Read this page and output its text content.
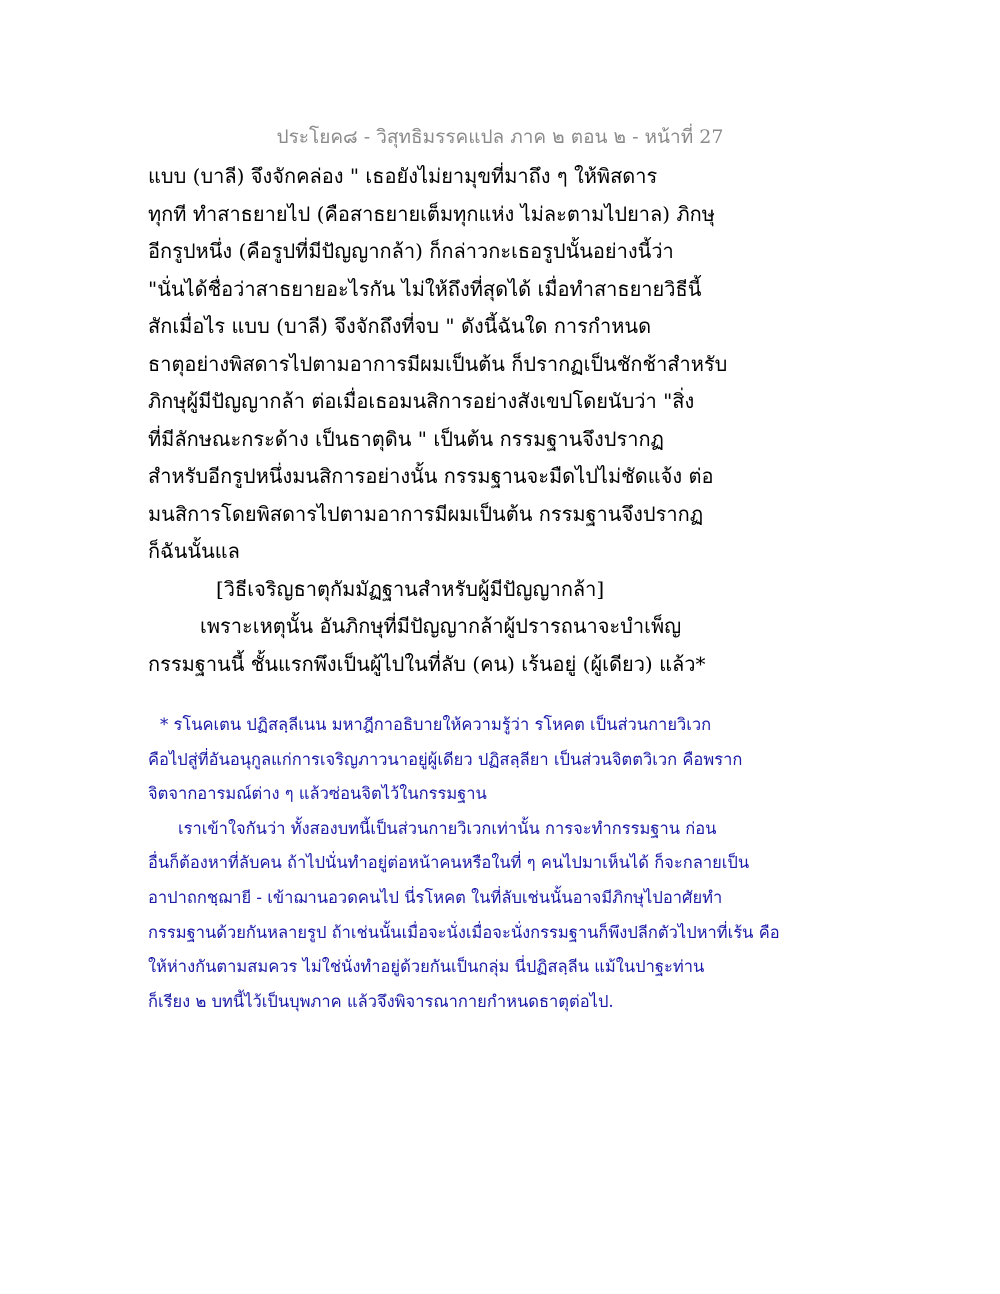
ประโยค๘ - วิสุทธิมรรคแปล ภาค ๒ ตอน ๒ - หน้าที่ 27
แบบ (บาลี) จึงจักคล่อง " เธอยังไม่ยามุขที่มาถึง ๆ ให้พิสดาร
ทุกที ทำสาธยายไป (คือสาธยายเต็มทุกแห่ง ไม่ละตามไปยาล) ภิกษุ
อีกรูปหนึ่ง (คือรูปที่มีปัญญากล้า) ก็กล่าวกะเธอรูปนั้นอย่างนี้ว่า
"นั่นได้ชื่อว่าสาธยายอะไรกัน ไม่ให้ถึงที่สุดได้ เมื่อทำสาธยายวิธีนี้
สักเมื่อไร แบบ (บาลี) จึงจักถึงที่จบ " ดังนี้ฉันใด การกำหนด
ธาตุอย่างพิสดารไปตามอาการมีผมเป็นต้น ก็ปรากฏเป็นชักช้าสำหรับ
ภิกษุผู้มีปัญญากล้า ต่อเมื่อเธอมนสิการอย่างสังเขปโดยนับว่า "สิ่ง
ที่มีลักษณะกระด้าง เป็นธาตุดิน " เป็นต้น กรรมฐานจึงปรากฏ
สำหรับอีกรูปหนึ่งมนสิการอย่างนั้น กรรมฐานจะมืดไปไม่ชัดแจ้ง ต่อ
มนสิการโดยพิสดารไปตามอาการมีผมเป็นต้น กรรมฐานจึงปรากฏ
ก็ฉันนั้นแล
[วิธีเจริญธาตุกัมมัฏฐานสำหรับผู้มีปัญญากล้า]
เพราะเหตุนั้น อันภิกษุที่มีปัญญากล้าผู้ปรารถนาจะบำเพ็ญ
กรรมฐานนี้ ชั้นแรกพึงเป็นผู้ไปในที่ลับ (คน) เร้นอยู่ (ผู้เดียว) แล้ว*
* รโนคเตน ปฏิสลฺลีเนน มหาฎีกาอธิบายให้ความรู้ว่า รโหคต เป็นส่วนกายวิเวก
คือไปสู่ที่อันอนุกูลแก่การเจริญภาวนาอยู่ผู้เดียว ปฏิสลฺลียา เป็นส่วนจิตตวิเวก คือพราก
จิตจากอารมณ์ต่าง ๆ แล้วซ่อนจิตไว้ในกรรมฐาน
เราเข้าใจกันว่า ทั้งสองบทนี้เป็นส่วนกายวิเวกเท่านั้น การจะทำกรรมฐาน ก่อน
อื่นก็ต้องหาที่ลับคน ถ้าไปนั่นทำอยู่ต่อหน้าคนหรือในที่ ๆ คนไปมาเห็นได้ ก็จะกลายเป็น
อาปาถกชฺฌายี - เข้าฌานอวดคนไป นี่รโหคต ในที่ลับเช่นนั้นอาจมีภิกษุไปอาศัยทำ
กรรมฐานด้วยกันหลายรูป ถ้าเช่นนั้นเมื่อจะนั่งเมื่อจะนั่งกรรมฐานก็พึงปลีกตัวไปหาที่เร้น คือ
ให้ห่างกันตามสมควร ไม่ใช่นั่งทำอยู่ด้วยกันเป็นกลุ่ม นี่ปฏิสลฺลีน แม้ในปาฐะท่าน
ก็เรียง ๒ บทนี้ไว้เป็นบุพภาค แล้วจึงพิจารณากายกำหนดธาตุต่อไป.
